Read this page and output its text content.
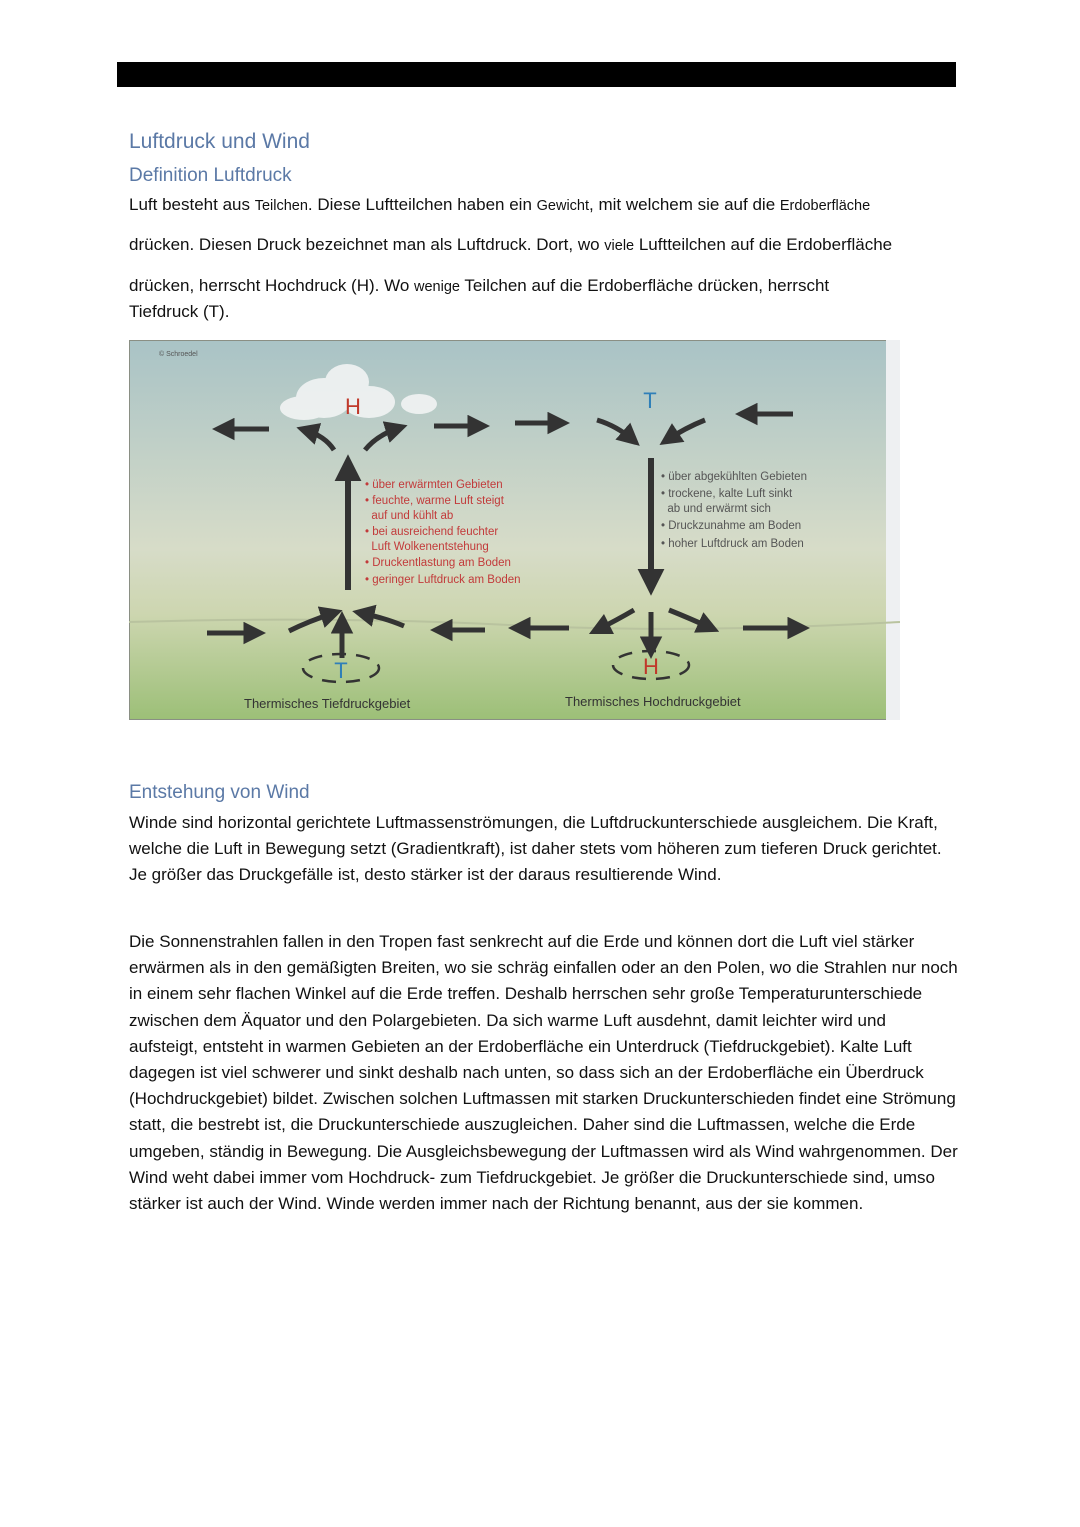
Luftdruck und Wind
Definition Luftdruck
Luft besteht aus Teilchen. Diese Luftteilchen haben ein Gewicht, mit welchem sie auf die Erdoberfläche
drücken. Diesen Druck bezeichnet man als Luftdruck. Dort, wo viele Luftteilchen auf die Erdoberfläche
drücken, herrscht Hochdruck (H). Wo wenige Teilchen auf die Erdoberfläche drücken, herrscht
Tiefdruck (T).
© Schroedel
H	T
• über erwärmten Gebieten
• feuchte, warme Luft steigt
auf und kühlt ab
• bei ausreichend feuchter
Luft Wolkenentstehung
• Druckentlastung am Boden
• geringer Luftdruck am Boden
• über abgekühlten Gebieten
• trockene, kalte Luft sinkt
ab und erwärmt sich
• Druckzunahme am Boden
• hoher Luftdruck am Boden
T	H
Thermisches Tiefdruckgebiet	Thermisches Hochdruckgebiet
Entstehung von Wind

Winde sind horizontal gerichtete Luftmassenströmungen, die Luftdruckunterschiede ausgleichem. Die Kraft, welche die Luft in Bewegung setzt (Gradientkraft), ist daher stets vom höheren zum tieferen Druck gerichtet. Je größer das Druckgefälle ist, desto stärker ist der daraus resultierende Wind.

Die Sonnenstrahlen fallen in den Tropen fast senkrecht auf die Erde und können dort die Luft viel stärker erwärmen als in den gemäßigten Breiten, wo sie schräg einfallen oder an den Polen, wo die Strahlen nur noch in einem sehr flachen Winkel auf die Erde treffen. Deshalb herrschen sehr große Temperaturunterschiede zwischen dem Äquator und den Polargebieten. Da sich warme Luft ausdehnt, damit leichter wird und aufsteigt, entsteht in warmen Gebieten an der Erdoberfläche ein Unterdruck (Tiefdruckgebiet). Kalte Luft dagegen ist viel schwerer und sinkt deshalb nach unten, so dass sich an der Erdoberfläche ein Überdruck (Hochdruckgebiet) bildet. Zwischen solchen Luftmassen mit starken Druckunterschieden findet eine Strömung statt, die bestrebt ist, die Druckunterschiede auszugleichen. Daher sind die Luftmassen, welche die Erde umgeben, ständig in Bewegung. Die Ausgleichsbewegung der Luftmassen wird als Wind wahrgenommen. Der Wind weht dabei immer vom Hochdruck- zum Tiefdruckgebiet. Je größer die Druckunterschiede sind, umso stärker ist auch der Wind. Winde werden immer nach der Richtung benannt, aus der sie kommen.
